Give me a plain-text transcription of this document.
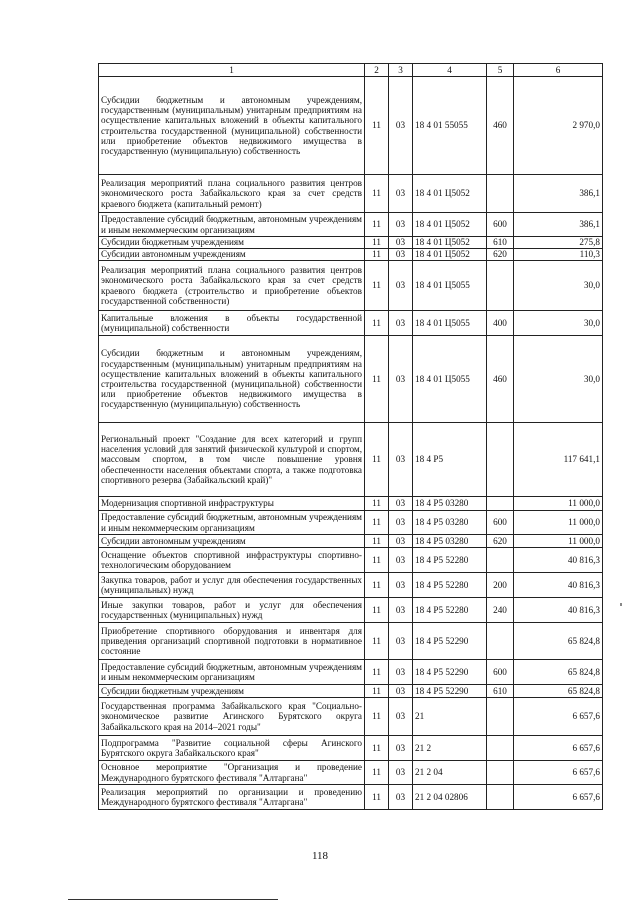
1	2	3	4	5	6
Субсидии бюджетным и автономным учреждениям, государственным (муниципальным) унитарным предприятиям на осуществление капитальных вложений в объекты капитального строительства государственной (муниципальной) собственности или приобретение объектов недвижимого имущества в государственную (муниципальную) собственность	11	03	18 4 01 55055	460	2 970,0
Реализация мероприятий плана социального развития центров экономического роста Забайкальского края за счет средств краевого бюджета (капитальный ремонт)	11	03	18 4 01 Ц5052		386,1
Предоставление субсидий бюджетным, автономным учреждениям и иным некоммерческим организациям	11	03	18 4 01 Ц5052	600	386,1
Субсидии бюджетным учреждениям	11	03	18 4 01 Ц5052	610	275,8
Субсидии автономным учреждениям	11	03	18 4 01 Ц5052	620	110,3
Реализация мероприятий плана социального развития центров экономического роста Забайкальского края за счет средств краевого бюджета (строительство и приобретение объектов государственной собственности)	11	03	18 4 01 Ц5055		30,0
Капитальные вложения в объекты государственной (муниципальной) собственности	11	03	18 4 01 Ц5055	400	30,0
Субсидии бюджетным и автономным учреждениям, государственным (муниципальным) унитарным предприятиям на осуществление капитальных вложений в объекты капитального строительства государственной (муниципальной) собственности или приобретение объектов недвижимого имущества в государственную (муниципальную) собственность	11	03	18 4 01 Ц5055	460	30,0
Региональный проект "Создание для всех категорий и групп населения условий для занятий физической культурой и спортом, массовым спортом, в том числе повышение уровня обеспеченности населения объектами спорта, а также подготовка спортивного резерва (Забайкальский край)"	11	03	18 4 P5		117 641,1
Модернизация спортивной инфраструктуры	11	03	18 4 P5 03280		11 000,0
Предоставление субсидий бюджетным, автономным учреждениям и иным некоммерческим организациям	11	03	18 4 P5 03280	600	11 000,0
Субсидии автономным учреждениям	11	03	18 4 P5 03280	620	11 000,0
Оснащение объектов спортивной инфраструктуры спортивно-технологическим оборудованием	11	03	18 4 P5 52280		40 816,3
Закупка товаров, работ и услуг для обеспечения государственных (муниципальных) нужд	11	03	18 4 P5 52280	200	40 816,3
Иные закупки товаров, работ и услуг для обеспечения государственных (муниципальных) нужд	11	03	18 4 P5 52280	240	40 816,3
Приобретение спортивного оборудования и инвентаря для приведения организаций спортивной подготовки в нормативное состояние	11	03	18 4 P5 52290		65 824,8
Предоставление субсидий бюджетным, автономным учреждениям и иным некоммерческим организациям	11	03	18 4 P5 52290	600	65 824,8
Субсидии бюджетным учреждениям	11	03	18 4 P5 52290	610	65 824,8
Государственная программа Забайкальского края "Социально-экономическое развитие Агинского Бурятского округа Забайкальского края на 2014–2021 годы"	11	03	21		6 657,6
Подпрограмма "Развитие социальной сферы Агинского Бурятского округа Забайкальского края"	11	03	21 2		6 657,6
Основное мероприятие "Организация и проведение Международного бурятского фестиваля "Алтаргана"	11	03	21 2 04		6 657,6
Реализация мероприятий по организации и проведению Международного бурятского фестиваля "Алтаргана"	11	03	21 2 04 02806		6 657,6
118
